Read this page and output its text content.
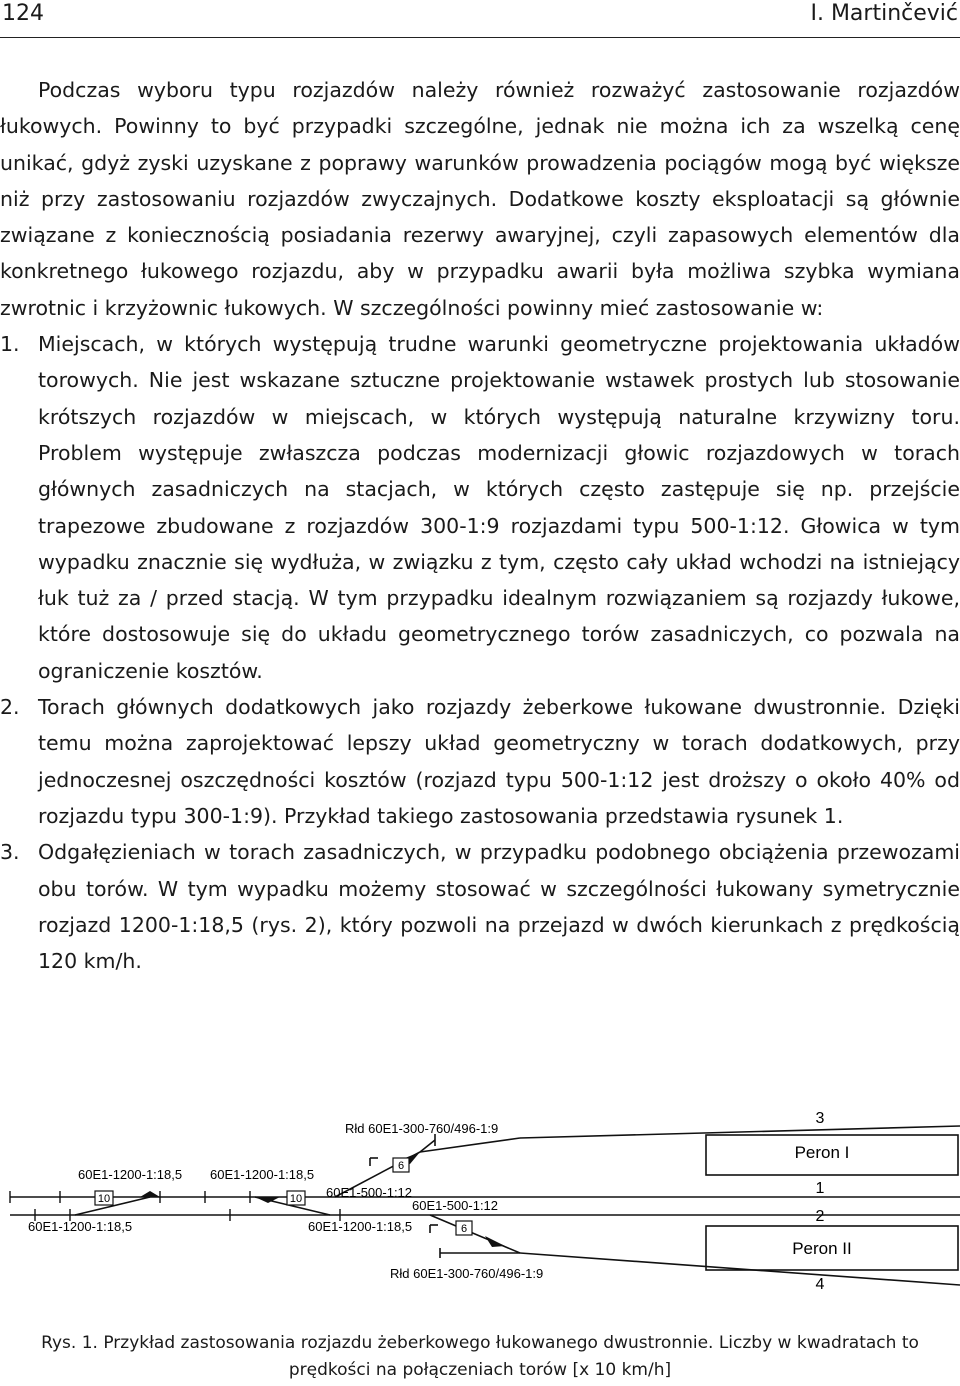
124	I. Martinčević

Podczas wyboru typu rozjazdów należy również rozważyć zastosowanie rozjazdów łukowych. Powinny to być przypadki szczególne, jednak nie można ich za wszelką cenę unikać, gdyż zyski uzyskane z poprawy warunków prowadzenia pociągów mogą być większe niż przy zastosowaniu rozjazdów zwyczajnych. Dodatkowe koszty eksploatacji są głównie związane z koniecznością posiadania rezerwy awaryjnej, czyli zapasowych elementów dla konkretnego łukowego rozjazdu, aby w przypadku awarii była możliwa szybka wymiana zwrotnic i krzyżownic łukowych. W szczególności powinny mieć zastosowanie w:

1. Miejscach, w których występują trudne warunki geometryczne projektowania układów torowych. Nie jest wskazane sztuczne projektowanie wstawek prostych lub stosowanie krótszych rozjazdów w miejscach, w których występują naturalne krzywizny toru. Problem występuje zwłaszcza podczas modernizacji głowic rozjazdowych w torach głównych zasadniczych na stacjach, w których często zastępuje się np. przejście trapezowe zbudowane z rozjazdów 300-1:9 rozjazdami typu 500-1:12. Głowica w tym wypadku znacznie się wydłuża, w związku z tym, często cały układ wchodzi na istniejący łuk tuż za / przed stacją. W tym przypadku idealnym rozwiązaniem są rozjazdy łukowe, które dostosowuje się do układu geometrycznego torów zasadniczych, co pozwala na ograniczenie kosztów.
2. Torach głównych dodatkowych jako rozjazdy żeberkowe łukowane dwustronnie. Dzięki temu można zaprojektować lepszy układ geometryczny w torach dodatkowych, przy jednoczesnej oszczędności kosztów (rozjazd typu 500-1:12 jest droższy o około 40% od rozjazdu typu 300-1:9). Przykład takiego zastosowania przedstawia rysunek 1.
3. Odgałęzieniach w torach zasadniczych, w przypadku podobnego obciążenia przewozami obu torów. W tym wypadku możemy stosować w szczególności łukowany symetrycznie rozjazd 1200-1:18,5 (rys. 2), który pozwoli na przejazd w dwóch kierunkach z prędkością 120 km/h.
Peron I
Peron II
3
1
2
4
Rłd 60E1-300-760/496-1:9
Rłd 60E1-300-760/496-1:9
60E1-1200-1:18,5 60E1-1200-1:18,5
60E1-1200-1:18,5	60E1-1200-1:18,5
60E1-500-1:12
60E1-500-1:12
10	10
6
6
Rys. 1. Przykład zastosowania rozjazdu żeberkowego łukowanego dwustronnie. Liczby w kwadratach to
prędkości na połączeniach torów [x 10 km/h]
